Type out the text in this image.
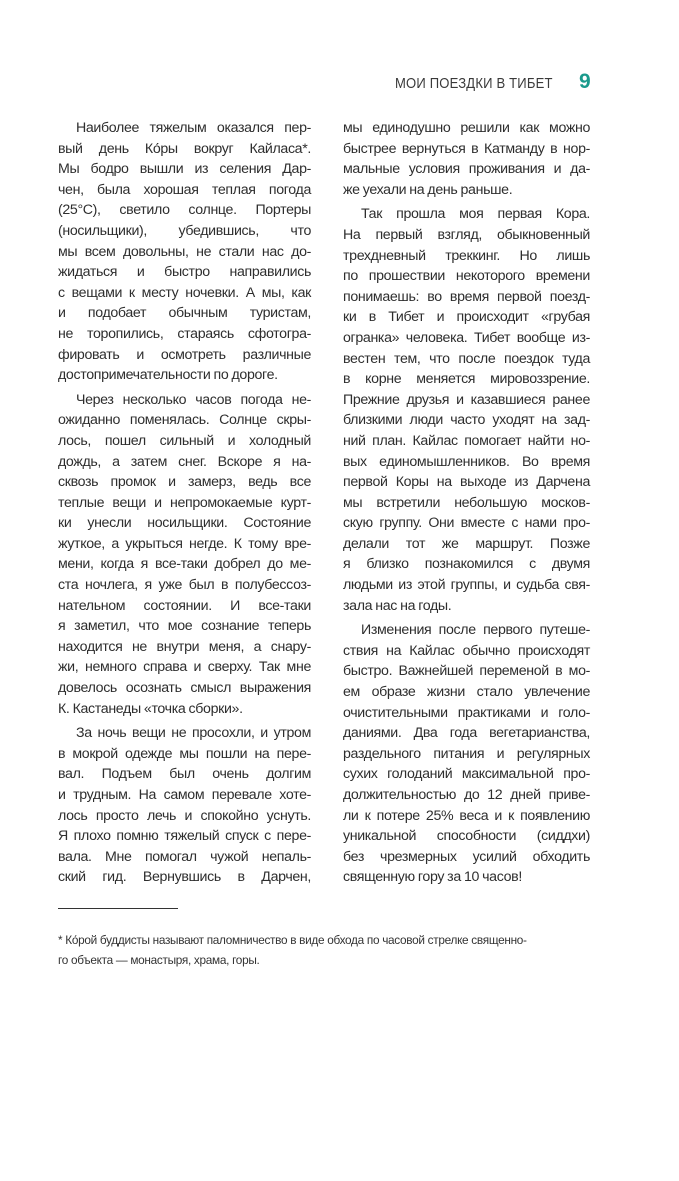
МОИ ПОЕЗДКИ В ТИБЕТ 9
Наиболее тяжелым оказался пер-
вый день Ко́ры вокруг Кайласа*.
Мы бодро вышли из селения Дар-
чен, была хорошая теплая погода
(25°C), светило солнце. Портеры
(носильщики), убедившись, что
мы всем довольны, не стали нас до-
жидаться и быстро направились
с вещами к месту ночевки. А мы, как
и подобает обычным туристам,
не торопились, стараясь сфотогра-
фировать и осмотреть различные
достопримечательности по дороге.
Через несколько часов погода не-
ожиданно поменялась. Солнце скры-
лось, пошел сильный и холодный
дождь, а затем снег. Вскоре я на-
сквозь промок и замерз, ведь все
теплые вещи и непромокаемые курт-
ки унесли носильщики. Состояние
жуткое, а укрыться негде. К тому вре-
мени, когда я все-таки добрел до ме-
ста ночлега, я уже был в полубессоз-
нательном состоянии. И все-таки
я заметил, что мое сознание теперь
находится не внутри меня, а снару-
жи, немного справа и сверху. Так мне
довелось осознать смысл выражения
К. Кастанеды «точка сборки».
За ночь вещи не просохли, и утром
в мокрой одежде мы пошли на пере-
вал. Подъем был очень долгим
и трудным. На самом перевале хоте-
лось просто лечь и спокойно уснуть.
Я плохо помню тяжелый спуск с пере-
вала. Мне помогал чужой непаль-
ский гид. Вернувшись в Дарчен,
мы единодушно решили как можно
быстрее вернуться в Катманду в нор-
мальные условия проживания и да-
же уехали на день раньше.
Так прошла моя первая Кора.
На первый взгляд, обыкновенный
трехдневный треккинг. Но лишь
по прошествии некоторого времени
понимаешь: во время первой поезд-
ки в Тибет и происходит «грубая
огранка» человека. Тибет вообще из-
вестен тем, что после поездок туда
в корне меняется мировоззрение.
Прежние друзья и казавшиеся ранее
близкими люди часто уходят на зад-
ний план. Кайлас помогает найти но-
вых единомышленников. Во время
первой Коры на выходе из Дарчена
мы встретили небольшую москов-
скую группу. Они вместе с нами про-
делали тот же маршрут. Позже
я близко познакомился с двумя
людьми из этой группы, и судьба свя-
зала нас на годы.
Изменения после первого путеше-
ствия на Кайлас обычно происходят
быстро. Важнейшей переменой в мо-
ем образе жизни стало увлечение
очистительными практиками и голо-
даниями. Два года вегетарианства,
раздельного питания и регулярных
сухих голоданий максимальной про-
должительностью до 12 дней приве-
ли к потере 25% веса и к появлению
уникальной способности (сиддхи)
без чрезмерных усилий обходить
священную гору за 10 часов!
* Ко́рой буддисты называют паломничество в виде обхода по часовой стрелке священно-
го объекта — монастыря, храма, горы.
